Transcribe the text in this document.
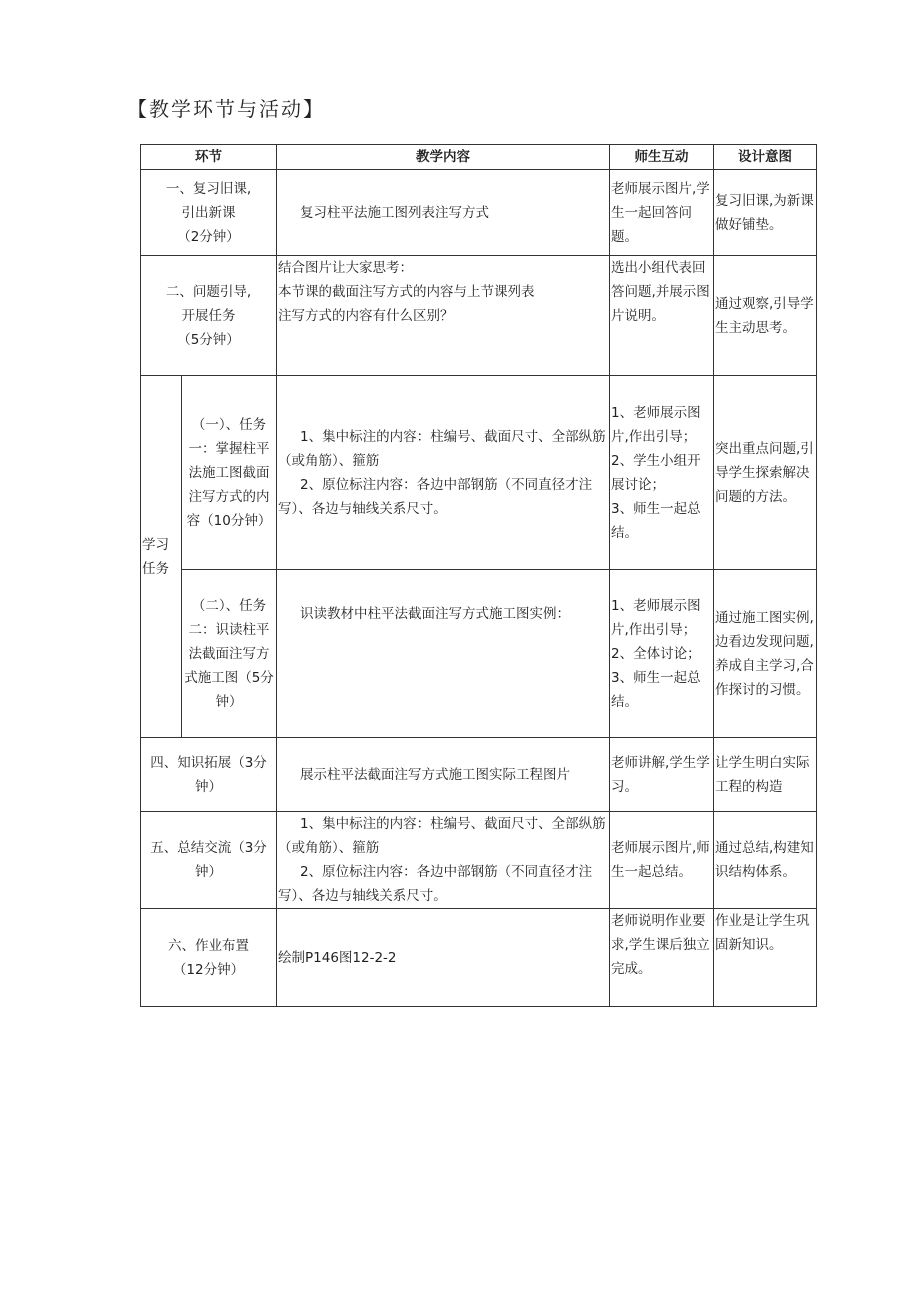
【教学环节与活动】
环节		教学内容	师生互动	设计意图

一、复习旧课,
引出新课
（2分钟）		复习柱平法施工图列表注写方式	老师展示图片,学生一起回答问题。	复习旧课,为新课做好铺垫。

二、问题引导,
开展任务
（5分钟）		结合图片让大家思考：
本节课的截面注写方式的内容与上节课列表
注写方式的内容有什么区别？	选出小组代表回答问题,并展示图片说明。	通过观察,引导学生主动思考。
学习任务	（一）、任务一：掌握柱平法施工图截面注写方式的内容（10分钟）	1、集中标注的内容：柱编号、截面尺寸、全部纵筋（或角筋）、箍筋
2、原位标注内容：各边中部钢筋（不同直径才注写）、各边与轴线关系尺寸。	1、老师展示图片,作出引导；
2、学生小组开展讨论；
3、师生一起总结。	突出重点问题,引导学生探索解决问题的方法。
	（二）、任务二：识读柱平法截面注写方式施工图（5分钟）	识读教材中柱平法截面注写方式施工图实例：	1、老师展示图片,作出引导；
2、全体讨论；
3、师生一起总结。	通过施工图实例,边看边发现问题,养成自主学习,合作探讨的习惯。
四、知识拓展（3分钟）		展示柱平法截面注写方式施工图实际工程图片	老师讲解,学生学习。	让学生明白实际工程的构造
五、总结交流（3分钟）		1、集中标注的内容：柱编号、截面尺寸、全部纵筋（或角筋）、箍筋
2、原位标注内容：各边中部钢筋（不同直径才注写）、各边与轴线关系尺寸。	老师展示图片,师生一起总结。	通过总结,构建知识结构体系。

六、作业布置
（12分钟）		绘制P146图12-2-2	老师说明作业要求,学生课后独立完成。	作业是让学生巩固新知识。
